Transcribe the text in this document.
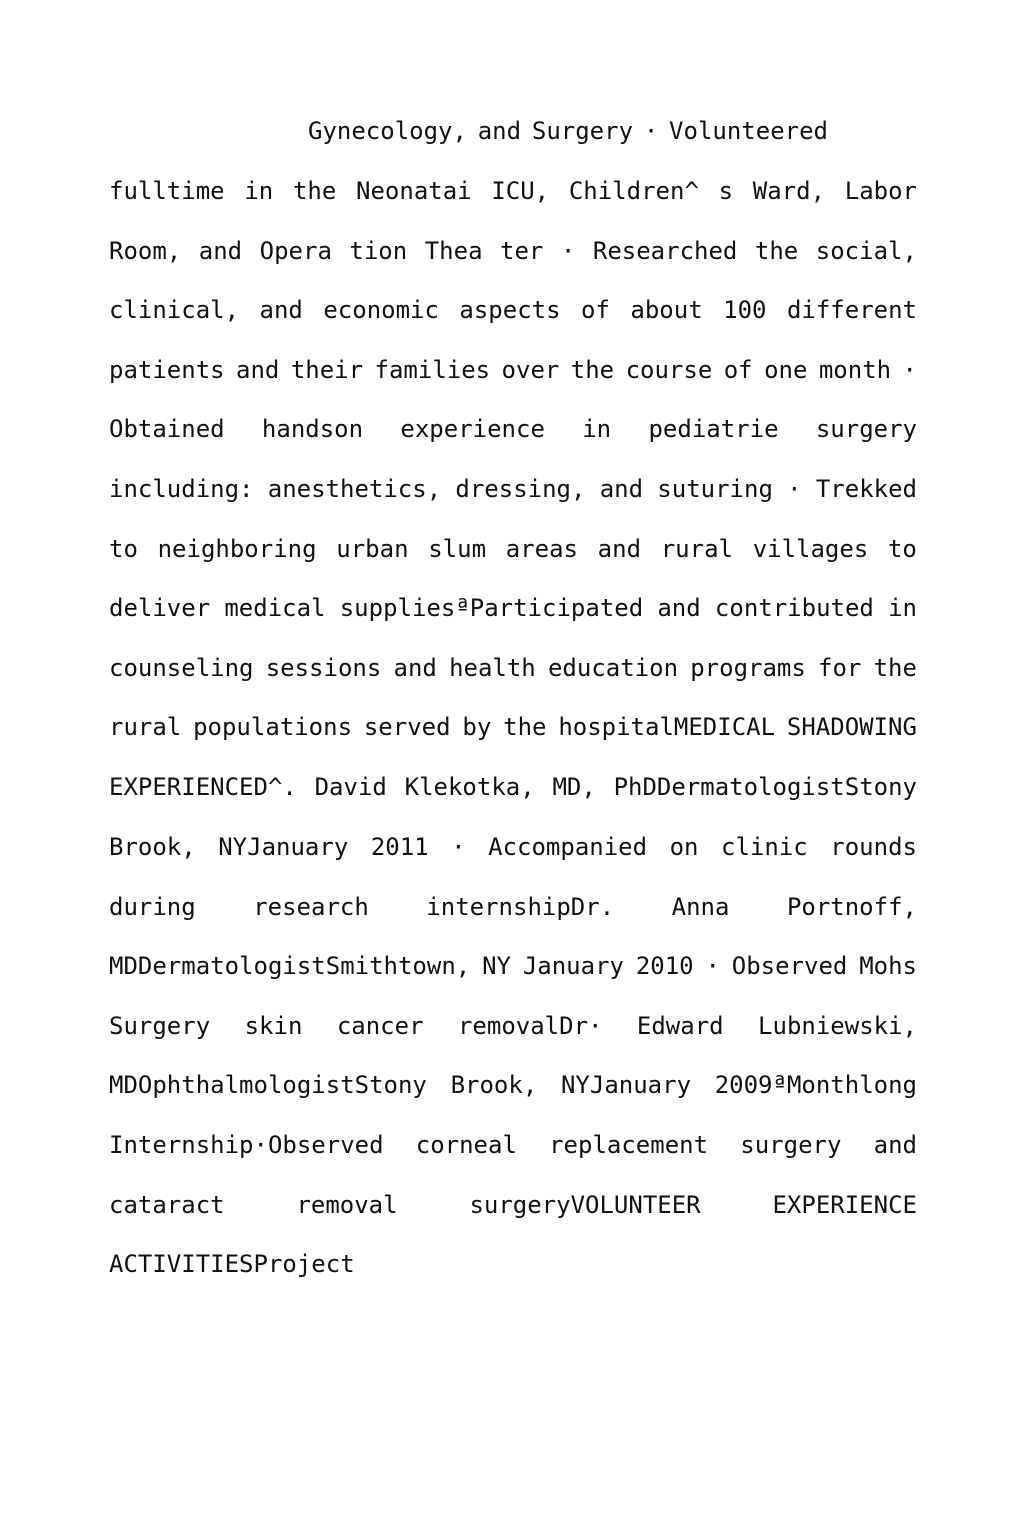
Gynecology, and Surgery · Volunteered
fulltime in the Neonatai ICU, Children^ s Ward, Labor
Room, and Opera tion Thea ter · Researched the social,
clinical, and economic aspects of about 100 different
patients and their families over the course of one month ·
Obtained handson experience in pediatrie surgery
including: anesthetics, dressing, and suturing · Trekked
to neighboring urban slum areas and rural villages to
deliver medical suppliesªParticipated and contributed in
counseling sessions and health education programs for the
rural populations served by the hospitalMEDICAL SHADOWING
EXPERIENCED^. David Klekotka, MD, PhDDermatologistStony
Brook, NYJanuary 2011 · Accompanied on clinic rounds
during research internshipDr. Anna Portnoff,
MDDermatologistSmithtown, NY January 2010 · Observed Mohs
Surgery skin cancer removalDr· Edward Lubniewski,
MDOphthalmologistStony Brook, NYJanuary 2009ªMonthlong
Internship·Observed corneal replacement surgery and
cataract	removal	surgeryVOLUNTEER	EXPERIENCE
ACTIVITIESProject
